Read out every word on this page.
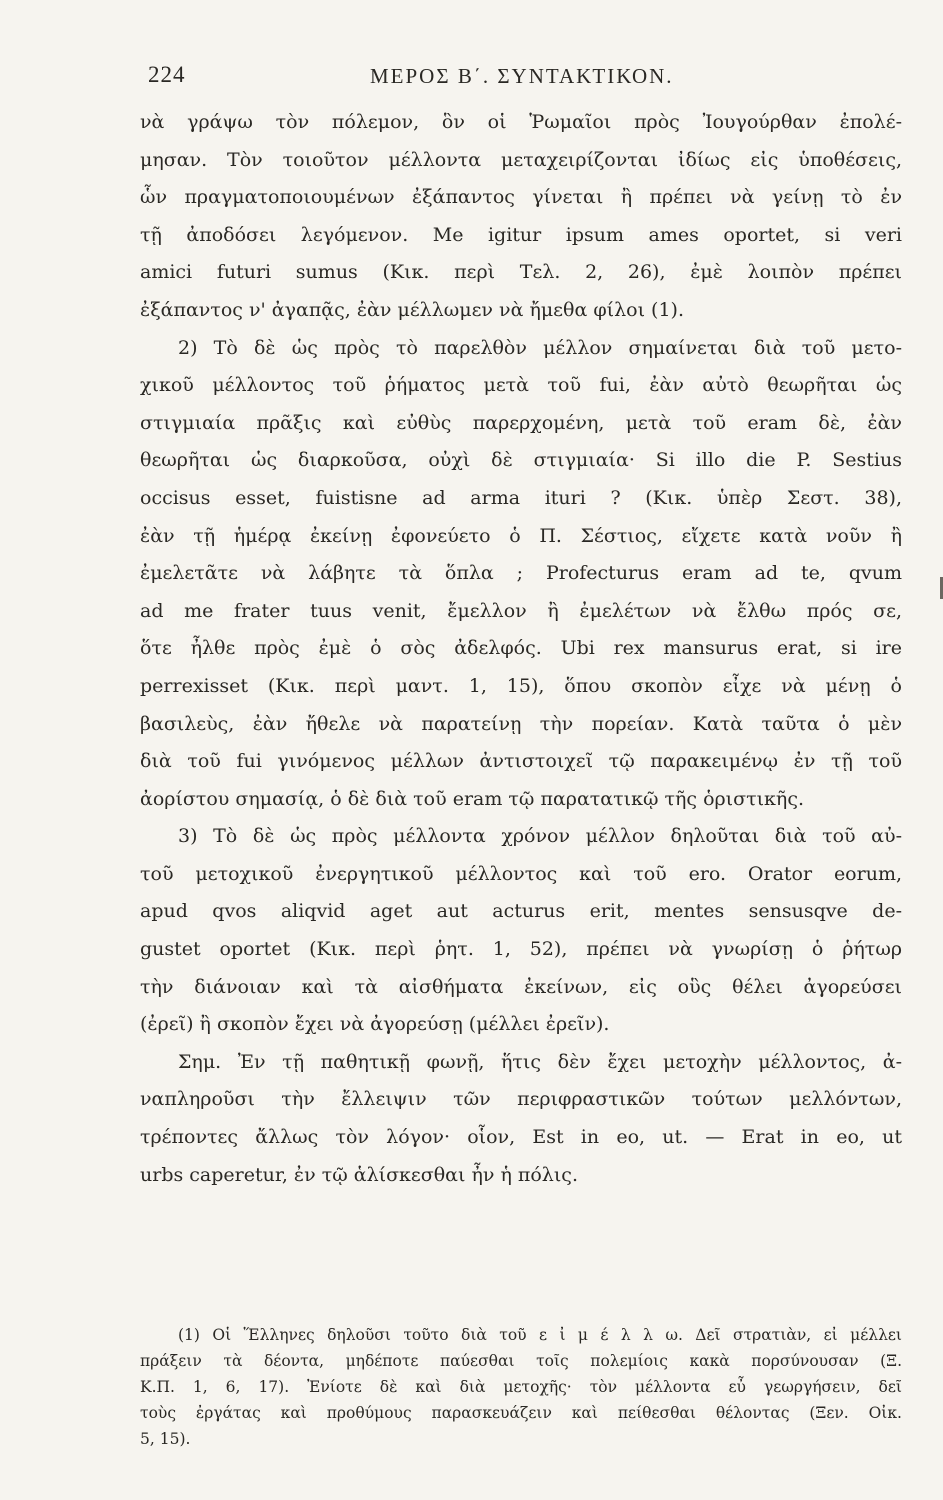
224	ΜΕΡΟΣ Β΄. ΣΥΝΤΑΚΤΙΚΟΝ.
νὰ γράψω τὸν πόλεμον, ὃν οἱ Ῥωμαῖοι πρὸς Ἰουγούρθαν ἐπολέ-
μησαν. Τὸν τοιοῦτον μέλλοντα μεταχειρίζονται ἰδίως εἰς ὑποθέσεις,
ὧν πραγματοποιουμένων ἐξάπαντος γίνεται ἢ πρέπει νὰ γείνῃ τὸ ἐν
τῇ ἀποδόσει λεγόμενον. Me igitur ipsum ames oportet, si veri
amici futuri sumus (Κικ. περὶ Τελ. 2, 26), ἐμὲ λοιπὸν πρέπει
ἐξάπαντος ν' ἀγαπᾷς, ἐὰν μέλλωμεν νὰ ἤμεθα φίλοι (1).
2) Τὸ δὲ ὡς πρὸς τὸ παρελθὸν μέλλον σημαίνεται διὰ τοῦ μετο-
χικοῦ μέλλοντος τοῦ ῥήματος μετὰ τοῦ fui, ἐὰν αὐτὸ θεωρῆται ὡς
στιγμιαία πρᾶξις καὶ εὐθὺς παρερχομένη, μετὰ τοῦ eram δὲ, ἐὰν
θεωρῆται ὡς διαρκοῦσα, οὐχὶ δὲ στιγμιαία· Si illo die P. Sestius
occisus esset, fuistisne ad arma ituri ? (Κικ. ὑπὲρ Σεστ. 38),
ἐὰν τῇ ἡμέρᾳ ἐκείνῃ ἐφονεύετο ὁ Π. Σέστιος, εἴχετε κατὰ νοῦν ἢ
ἐμελετᾶτε νὰ λάβητε τὰ ὅπλα ; Profecturus eram ad te, qvum
ad me frater tuus venit, ἔμελλον ἢ ἐμελέτων νὰ ἔλθω πρός σε,
ὅτε ἦλθε πρὸς ἐμὲ ὁ σὸς ἀδελφός. Ubi rex mansurus erat, si ire
perrexisset (Κικ. περὶ μαντ. 1, 15), ὅπου σκοπὸν εἶχε νὰ μένῃ ὁ
βασιλεὺς, ἐὰν ἤθελε νὰ παρατείνῃ τὴν πορείαν. Κατὰ ταῦτα ὁ μὲν
διὰ τοῦ fui γινόμενος μέλλων ἀντιστοιχεῖ τῷ παρακειμένῳ ἐν τῇ τοῦ
ἀορίστου σημασίᾳ, ὁ δὲ διὰ τοῦ eram τῷ παρατατικῷ τῆς ὁριστικῆς.
3) Τὸ δὲ ὡς πρὸς μέλλοντα χρόνον μέλλον δηλοῦται διὰ τοῦ αὐ-
τοῦ μετοχικοῦ ἐνεργητικοῦ μέλλοντος καὶ τοῦ ero. Orator eorum,
apud qvos aliqvid aget aut acturus erit, mentes sensusqve de-
gustet oportet (Κικ. περὶ ῥητ. 1, 52), πρέπει νὰ γνωρίσῃ ὁ ῥήτωρ
τὴν διάνοιαν καὶ τὰ αἰσθήματα ἐκείνων, εἰς οὓς θέλει ἀγορεύσει
(ἐρεῖ) ἢ σκοπὸν ἔχει νὰ ἀγορεύσῃ (μέλλει ἐρεῖν).
Σημ. Ἐν τῇ παθητικῇ φωνῇ, ἥτις δὲν ἔχει μετοχὴν μέλλοντος, ἀ-
ναπληροῦσι τὴν ἔλλειψιν τῶν περιφραστικῶν τούτων μελλόντων,
τρέποντες ἄλλως τὸν λόγον· οἷον, Est in eo, ut. — Erat in eo, ut
urbs caperetur, ἐν τῷ ἁλίσκεσθαι ἦν ἡ πόλις.
(1) Οἱ Ἕλληνες δηλοῦσι τοῦτο διὰ τοῦ ε ἰ μ έ λ λ ω. Δεῖ στρατιὰν, εἰ μέλλει
πράξειν τὰ δέοντα, μηδέποτε παύεσθαι τοῖς πολεμίοις κακὰ πορσύνουσαν (Ξ.
Κ.Π. 1, 6, 17). Ἐνίοτε δὲ καὶ διὰ μετοχῆς· τὸν μέλλοντα εὖ γεωργήσειν, δεῖ
τοὺς ἐργάτας καὶ προθύμους παρασκευάζειν καὶ πείθεσθαι θέλοντας (Ξεν. Οἰκ.
5, 15).
